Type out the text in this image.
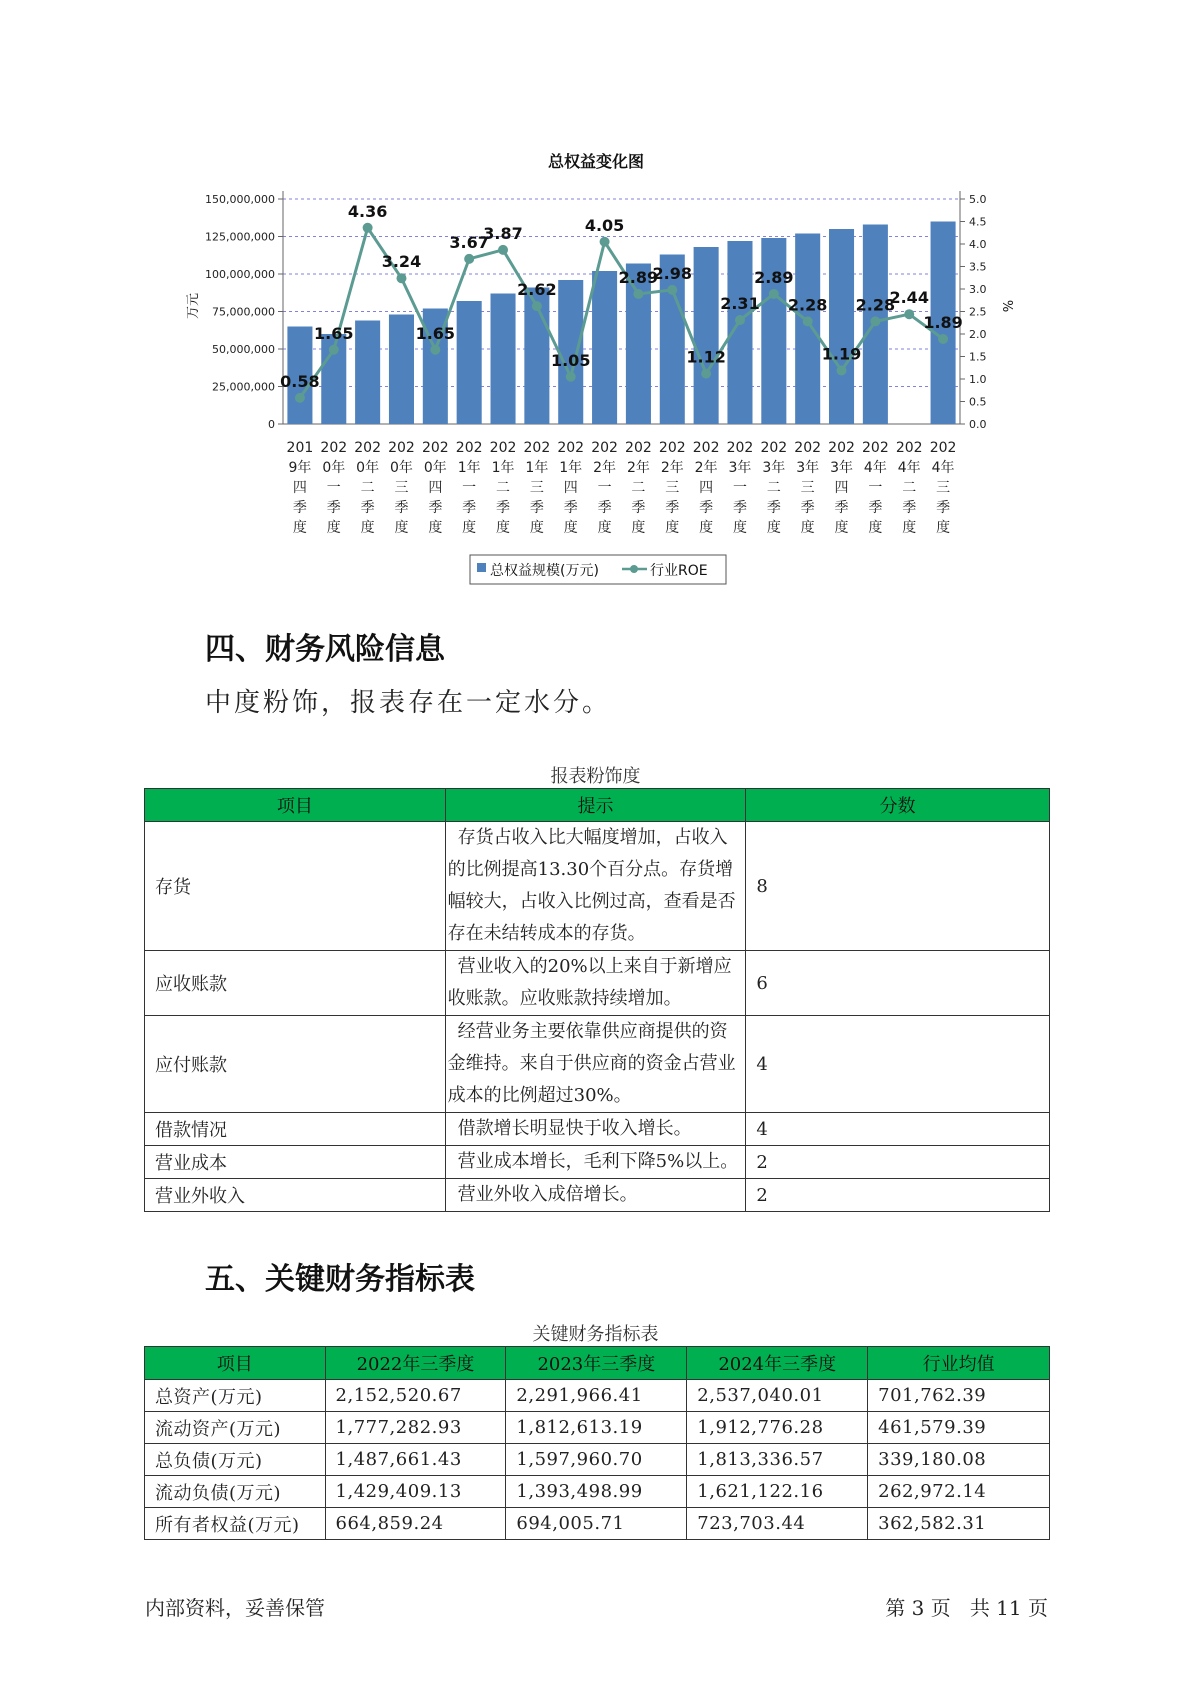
总权益变化图
0
25,000,000
50,000,000
75,000,000
100,000,000
125,000,000
150,000,000
0.0
0.5
1.0
1.5
2.0
2.5
3.0
3.5
4.0
4.5
5.0
0.58
1.65
4.36
3.24
1.65
3.67
3.87
2.62
1.05
4.05
2.89
2.98
1.12
2.31
2.89
2.28
1.19
2.28
2.44
1.89
201
9年
四
季
度
202
0年
一
季
度
202
0年
二
季
度
202
0年
三
季
度
202
0年
四
季
度
202
1年
一
季
度
202
1年
二
季
度
202
1年
三
季
度
202
1年
四
季
度
202
2年
一
季
度
202
2年
二
季
度
202
2年
三
季
度
202
2年
四
季
度
202
3年
一
季
度
202
3年
二
季
度
202
3年
三
季
度
202
3年
四
季
度
202
4年
一
季
度
202
4年
二
季
度
202
4年
三
季
度
万元	%
总权益规模(万元)	行业ROE
四、财务风险信息

中度粉饰，报表存在一定水分。

报表粉饰度
项目	提示	分数
存货	存货占收入比大幅度增加，占收入的比例提高13.30个百分点。存货增幅较大，占收入比例过高，查看是否存在未结转成本的存货。	8
应收账款	营业收入的20%以上来自于新增应收账款。应收账款持续增加。	6
应付账款	经营业务主要依靠供应商提供的资金维持。来自于供应商的资金占营业成本的比例超过30%。	4
借款情况	借款增长明显快于收入增长。	4
营业成本	营业成本增长，毛利下降5%以上。	2
营业外收入	营业外收入成倍增长。	2
五、关键财务指标表
关键财务指标表
项目	2022年三季度	2023年三季度	2024年三季度	行业均值
总资产(万元)	2,152,520.67	2,291,966.41	2,537,040.01	701,762.39
流动资产(万元)	1,777,282.93	1,812,613.19	1,912,776.28	461,579.39
总负债(万元)	1,487,661.43	1,597,960.70	1,813,336.57	339,180.08
流动负债(万元)	1,429,409.13	1,393,498.99	1,621,122.16	262,972.14
所有者权益(万元)	664,859.24	694,005.71	723,703.44	362,582.31
内部资料，妥善保管	第 3 页   共 11 页
